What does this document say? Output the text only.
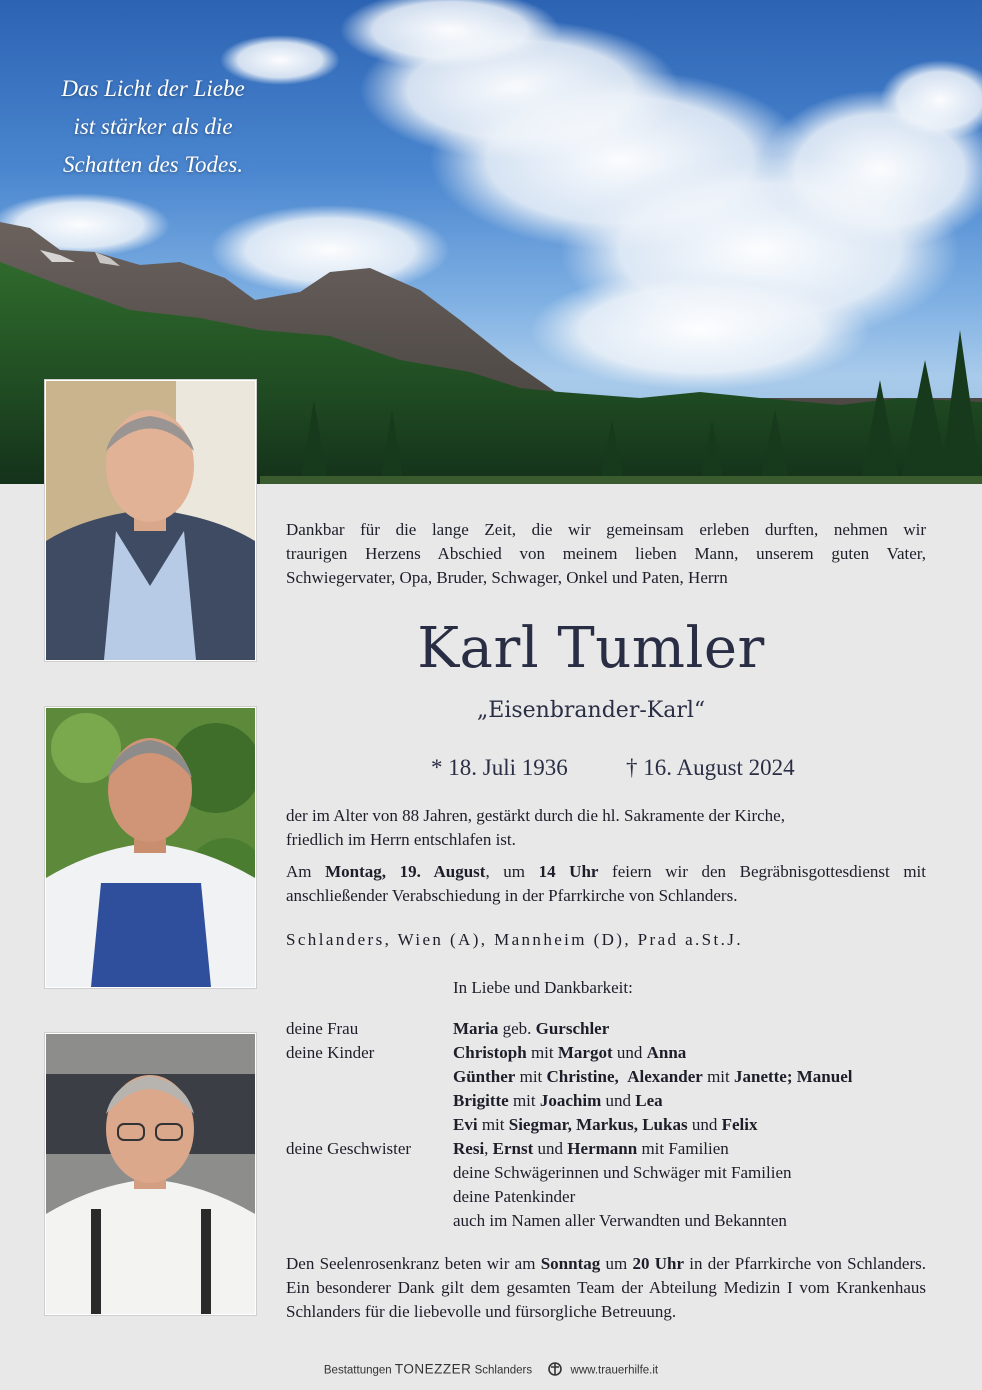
Das Licht der Liebe
ist stärker als die
Schatten des Todes.
Dankbar für die lange Zeit, die wir gemeinsam erleben durften, nehmen wir
traurigen Herzens Abschied von meinem lieben Mann, unserem guten Vater,
Schwiegervater, Opa, Bruder, Schwager, Onkel und Paten, Herrn
Karl Tumler
„Eisenbrander-Karl“
* 18. Juli 1936	† 16. August 2024
der im Alter von 88 Jahren, gestärkt durch die hl. Sakramente der Kirche,
friedlich im Herrn entschlafen ist.
Am Montag, 19. August, um 14 Uhr feiern wir den Begräbnisgottesdienst mit anschließender Verabschiedung in der Pfarrkirche von Schlanders.
Schlanders, Wien (A), Mannheim (D), Prad a.St.J.
In Liebe und Dankbarkeit:
deine Frau	Maria geb. Gurschler
deine Kinder	Christoph mit Margot und Anna
Günther mit Christine, Alexander mit Janette; Manuel
Brigitte mit Joachim und Lea
Evi mit Siegmar, Markus, Lukas und Felix
deine Geschwister Resi, Ernst und Hermann mit Familien
deine Schwägerinnen und Schwäger mit Familien
deine Patenkinder
auch im Namen aller Verwandten und Bekannten
Den Seelenrosenkranz beten wir am Sonntag um 20 Uhr in der Pfarrkirche von Schlanders. Ein besonderer Dank gilt dem gesamten Team der Abteilung Medizin I vom Krankenhaus Schlanders für die liebevolle und fürsorgliche Betreuung.
Bestattungen TONEZZER Schlanders	www.trauerhilfe.it
